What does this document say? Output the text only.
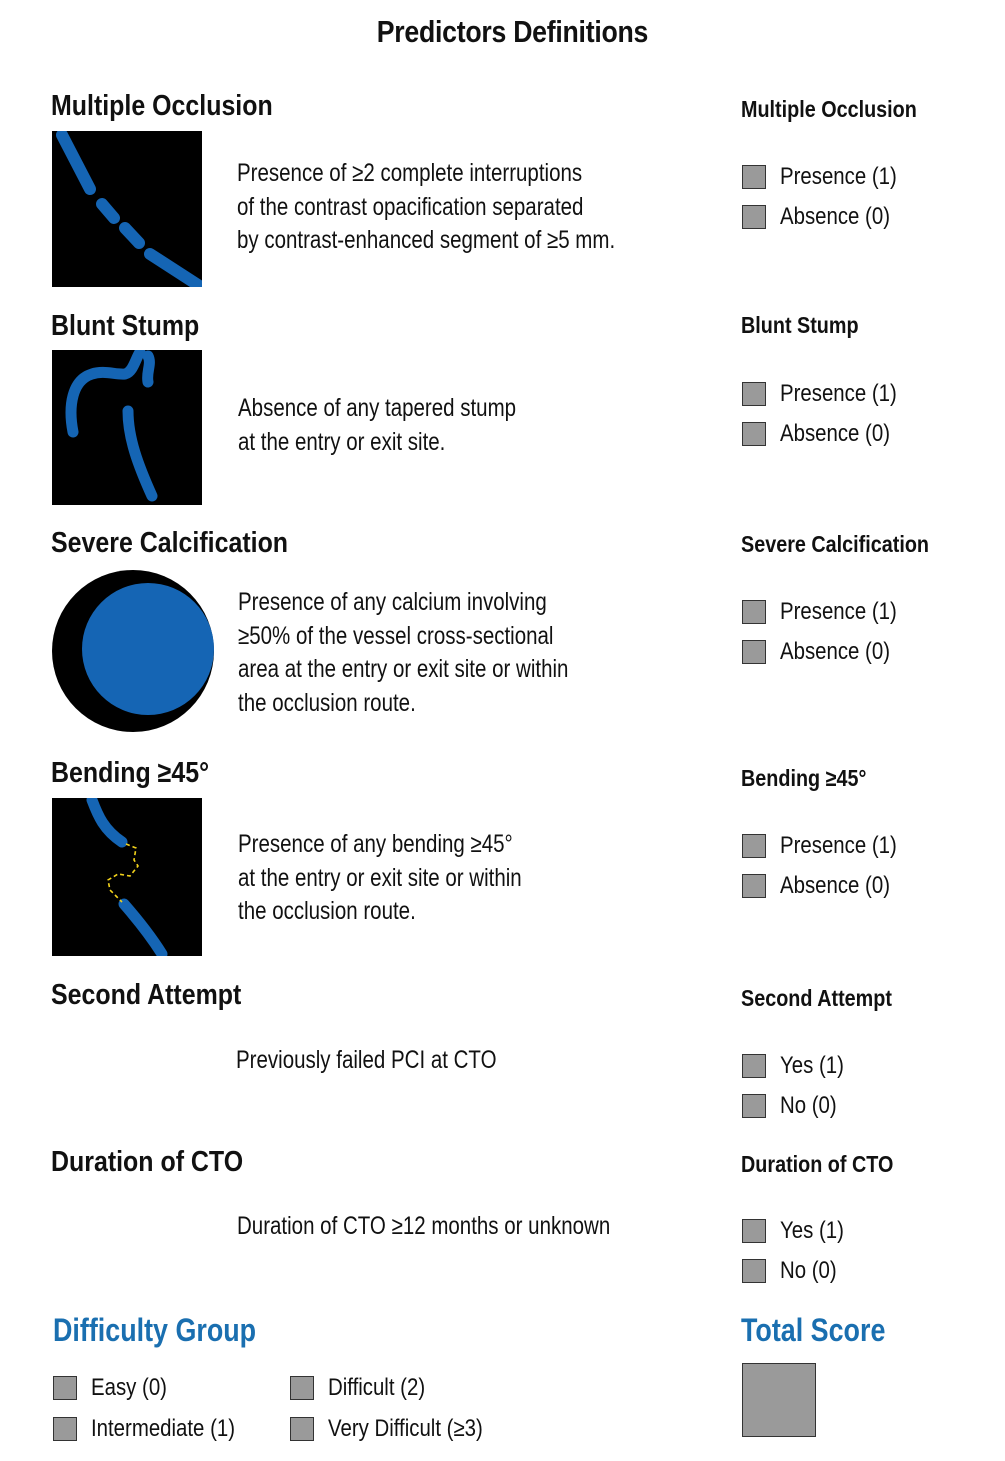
Predictors Definitions
Multiple Occlusion
Presence of ≥2 complete interruptions
of the contrast opacification separated
by contrast-enhanced segment of ≥5 mm.
Multiple Occlusion
Presence (1)
Absence (0)
Blunt Stump
Absence of any tapered stump
at the entry or exit site.
Blunt Stump
Presence (1)
Absence (0)
Severe Calcification
Presence of any calcium involving
≥50% of the vessel cross-sectional
area at the entry or exit site or within
the occlusion route.
Severe Calcification
Presence (1)
Absence (0)
Bending ≥45°
Presence of any bending ≥45°
at the entry or exit site or within
the occlusion route.
Bending ≥45°
Presence (1)
Absence (0)
Second Attempt
Previously failed PCI at CTO
Second Attempt
Yes (1)
No (0)
Duration of CTO
Duration of CTO ≥12 months or unknown
Duration of CTO
Yes (1)
No (0)
Difficulty Group
Easy (0)
Intermediate (1)
Difficult (2)
Very Difficult (≥3)
Total Score
